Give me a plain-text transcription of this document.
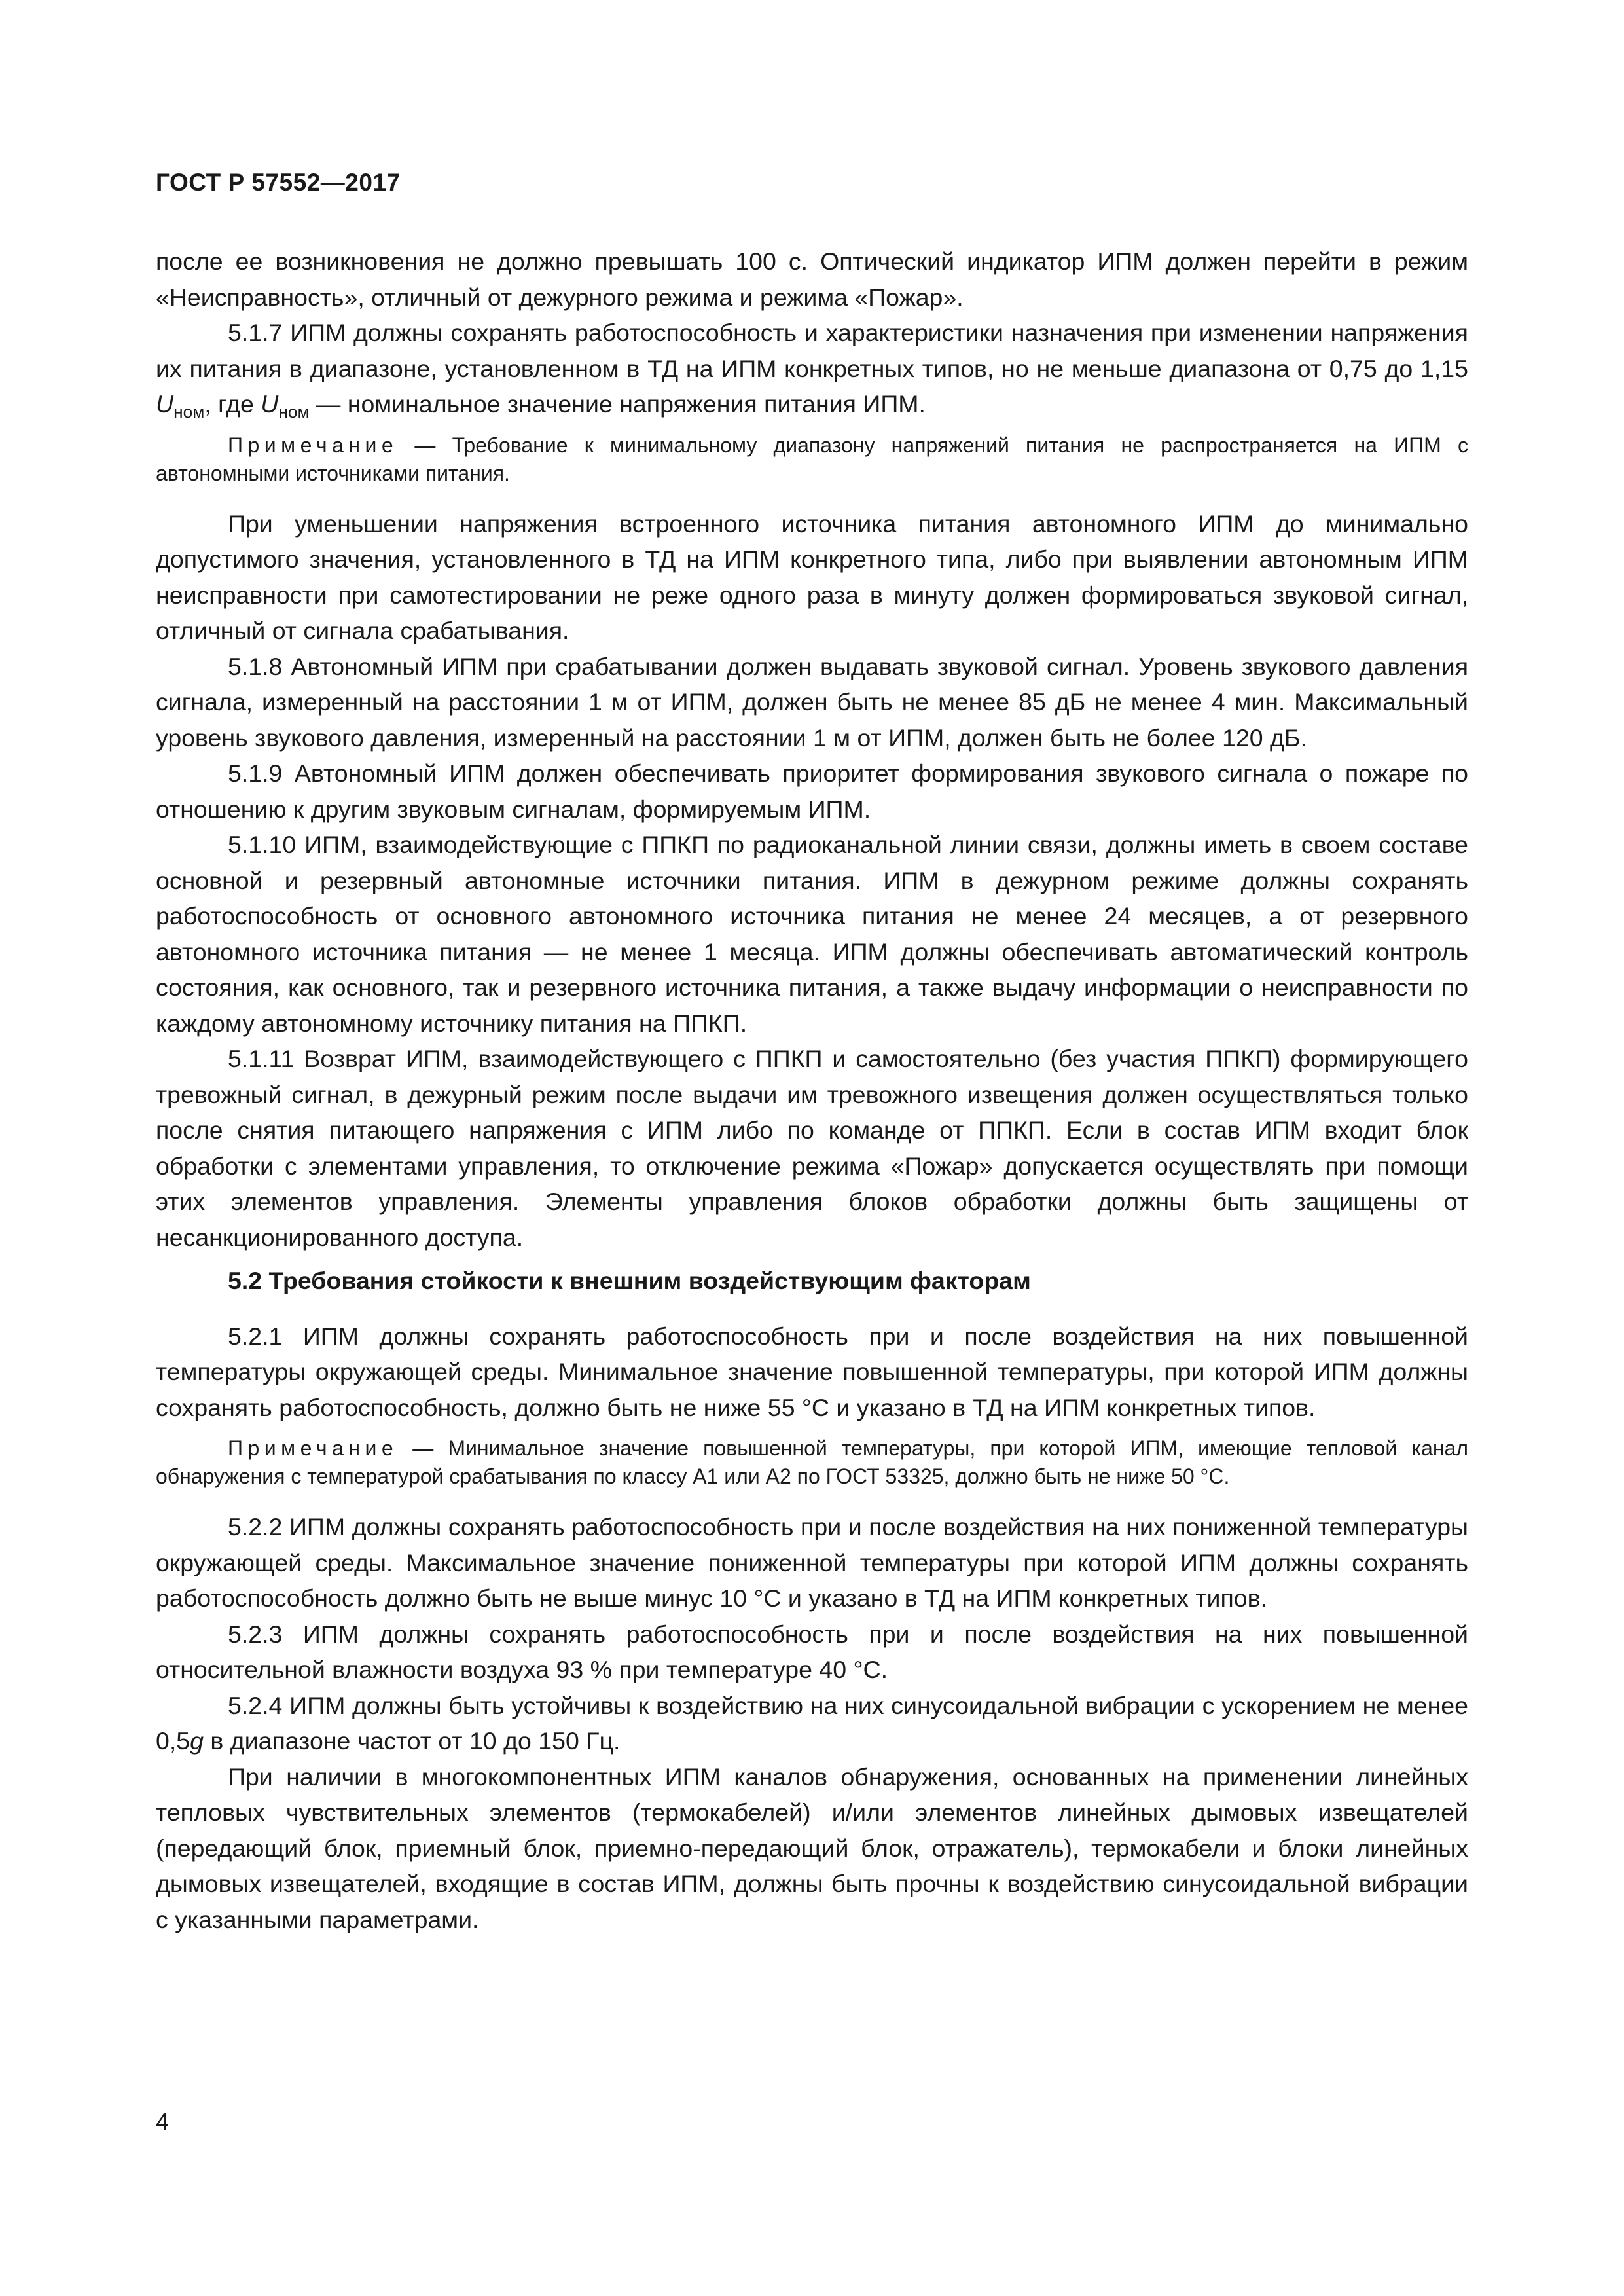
ГОСТ Р 57552—2017

после ее возникновения не должно превышать 100 с. Оптический индикатор ИПМ должен перейти в режим «Неисправность», отличный от дежурного режима и режима «Пожар».

5.1.7 ИПМ должны сохранять работоспособность и характеристики назначения при изменении напряжения их питания в диапазоне, установленном в ТД на ИПМ конкретных типов, но не меньше диапазона от 0,75 до 1,15 $U_{ном}$, где $U_{ном}$ — номинальное значение напряжения питания ИПМ.

Примечание — Требование к минимальному диапазону напряжений питания не распространяется на ИПМ с автономными источниками питания.

При уменьшении напряжения встроенного источника питания автономного ИПМ до минимально допустимого значения, установленного в ТД на ИПМ конкретного типа, либо при выявлении автономным ИПМ неисправности при самотестировании не реже одного раза в минуту должен формироваться звуковой сигнал, отличный от сигнала срабатывания.

5.1.8 Автономный ИПМ при срабатывании должен выдавать звуковой сигнал. Уровень звукового давления сигнала, измеренный на расстоянии 1 м от ИПМ, должен быть не менее 85 дБ не менее 4 мин. Максимальный уровень звукового давления, измеренный на расстоянии 1 м от ИПМ, должен быть не более 120 дБ.

5.1.9 Автономный ИПМ должен обеспечивать приоритет формирования звукового сигнала о пожаре по отношению к другим звуковым сигналам, формируемым ИПМ.

5.1.10 ИПМ, взаимодействующие с ППКП по радиоканальной линии связи, должны иметь в своем составе основной и резервный автономные источники питания. ИПМ в дежурном режиме должны сохранять работоспособность от основного автономного источника питания не менее 24 месяцев, а от резервного автономного источника питания — не менее 1 месяца. ИПМ должны обеспечивать автоматический контроль состояния, как основного, так и резервного источника питания, а также выдачу информации о неисправности по каждому автономному источнику питания на ППКП.

5.1.11 Возврат ИПМ, взаимодействующего с ППКП и самостоятельно (без участия ППКП) формирующего тревожный сигнал, в дежурный режим после выдачи им тревожного извещения должен осуществляться только после снятия питающего напряжения с ИПМ либо по команде от ППКП. Если в состав ИПМ входит блок обработки с элементами управления, то отключение режима «Пожар» допускается осуществлять при помощи этих элементов управления. Элементы управления блоков обработки должны быть защищены от несанкционированного доступа.

5.2 Требования стойкости к внешним воздействующим факторам

5.2.1 ИПМ должны сохранять работоспособность при и после воздействия на них повышенной температуры окружающей среды. Минимальное значение повышенной температуры, при которой ИПМ должны сохранять работоспособность, должно быть не ниже 55 °С и указано в ТД на ИПМ конкретных типов.

Примечание — Минимальное значение повышенной температуры, при которой ИПМ, имеющие тепловой канал обнаружения с температурой срабатывания по классу А1 или А2 по ГОСТ 53325, должно быть не ниже 50 °С.

5.2.2 ИПМ должны сохранять работоспособность при и после воздействия на них пониженной температуры окружающей среды. Максимальное значение пониженной температуры при которой ИПМ должны сохранять работоспособность должно быть не выше минус 10 °С и указано в ТД на ИПМ конкретных типов.

5.2.3 ИПМ должны сохранять работоспособность при и после воздействия на них повышенной относительной влажности воздуха 93 % при температуре 40 °С.

5.2.4 ИПМ должны быть устойчивы к воздействию на них синусоидальной вибрации с ускорением не менее 0,5g в диапазоне частот от 10 до 150 Гц.

При наличии в многокомпонентных ИПМ каналов обнаружения, основанных на применении линейных тепловых чувствительных элементов (термокабелей) и/или элементов линейных дымовых извещателей (передающий блок, приемный блок, приемно-передающий блок, отражатель), термокабели и блоки линейных дымовых извещателей, входящие в состав ИПМ, должны быть прочны к воздействию синусоидальной вибрации с указанными параметрами.

4
